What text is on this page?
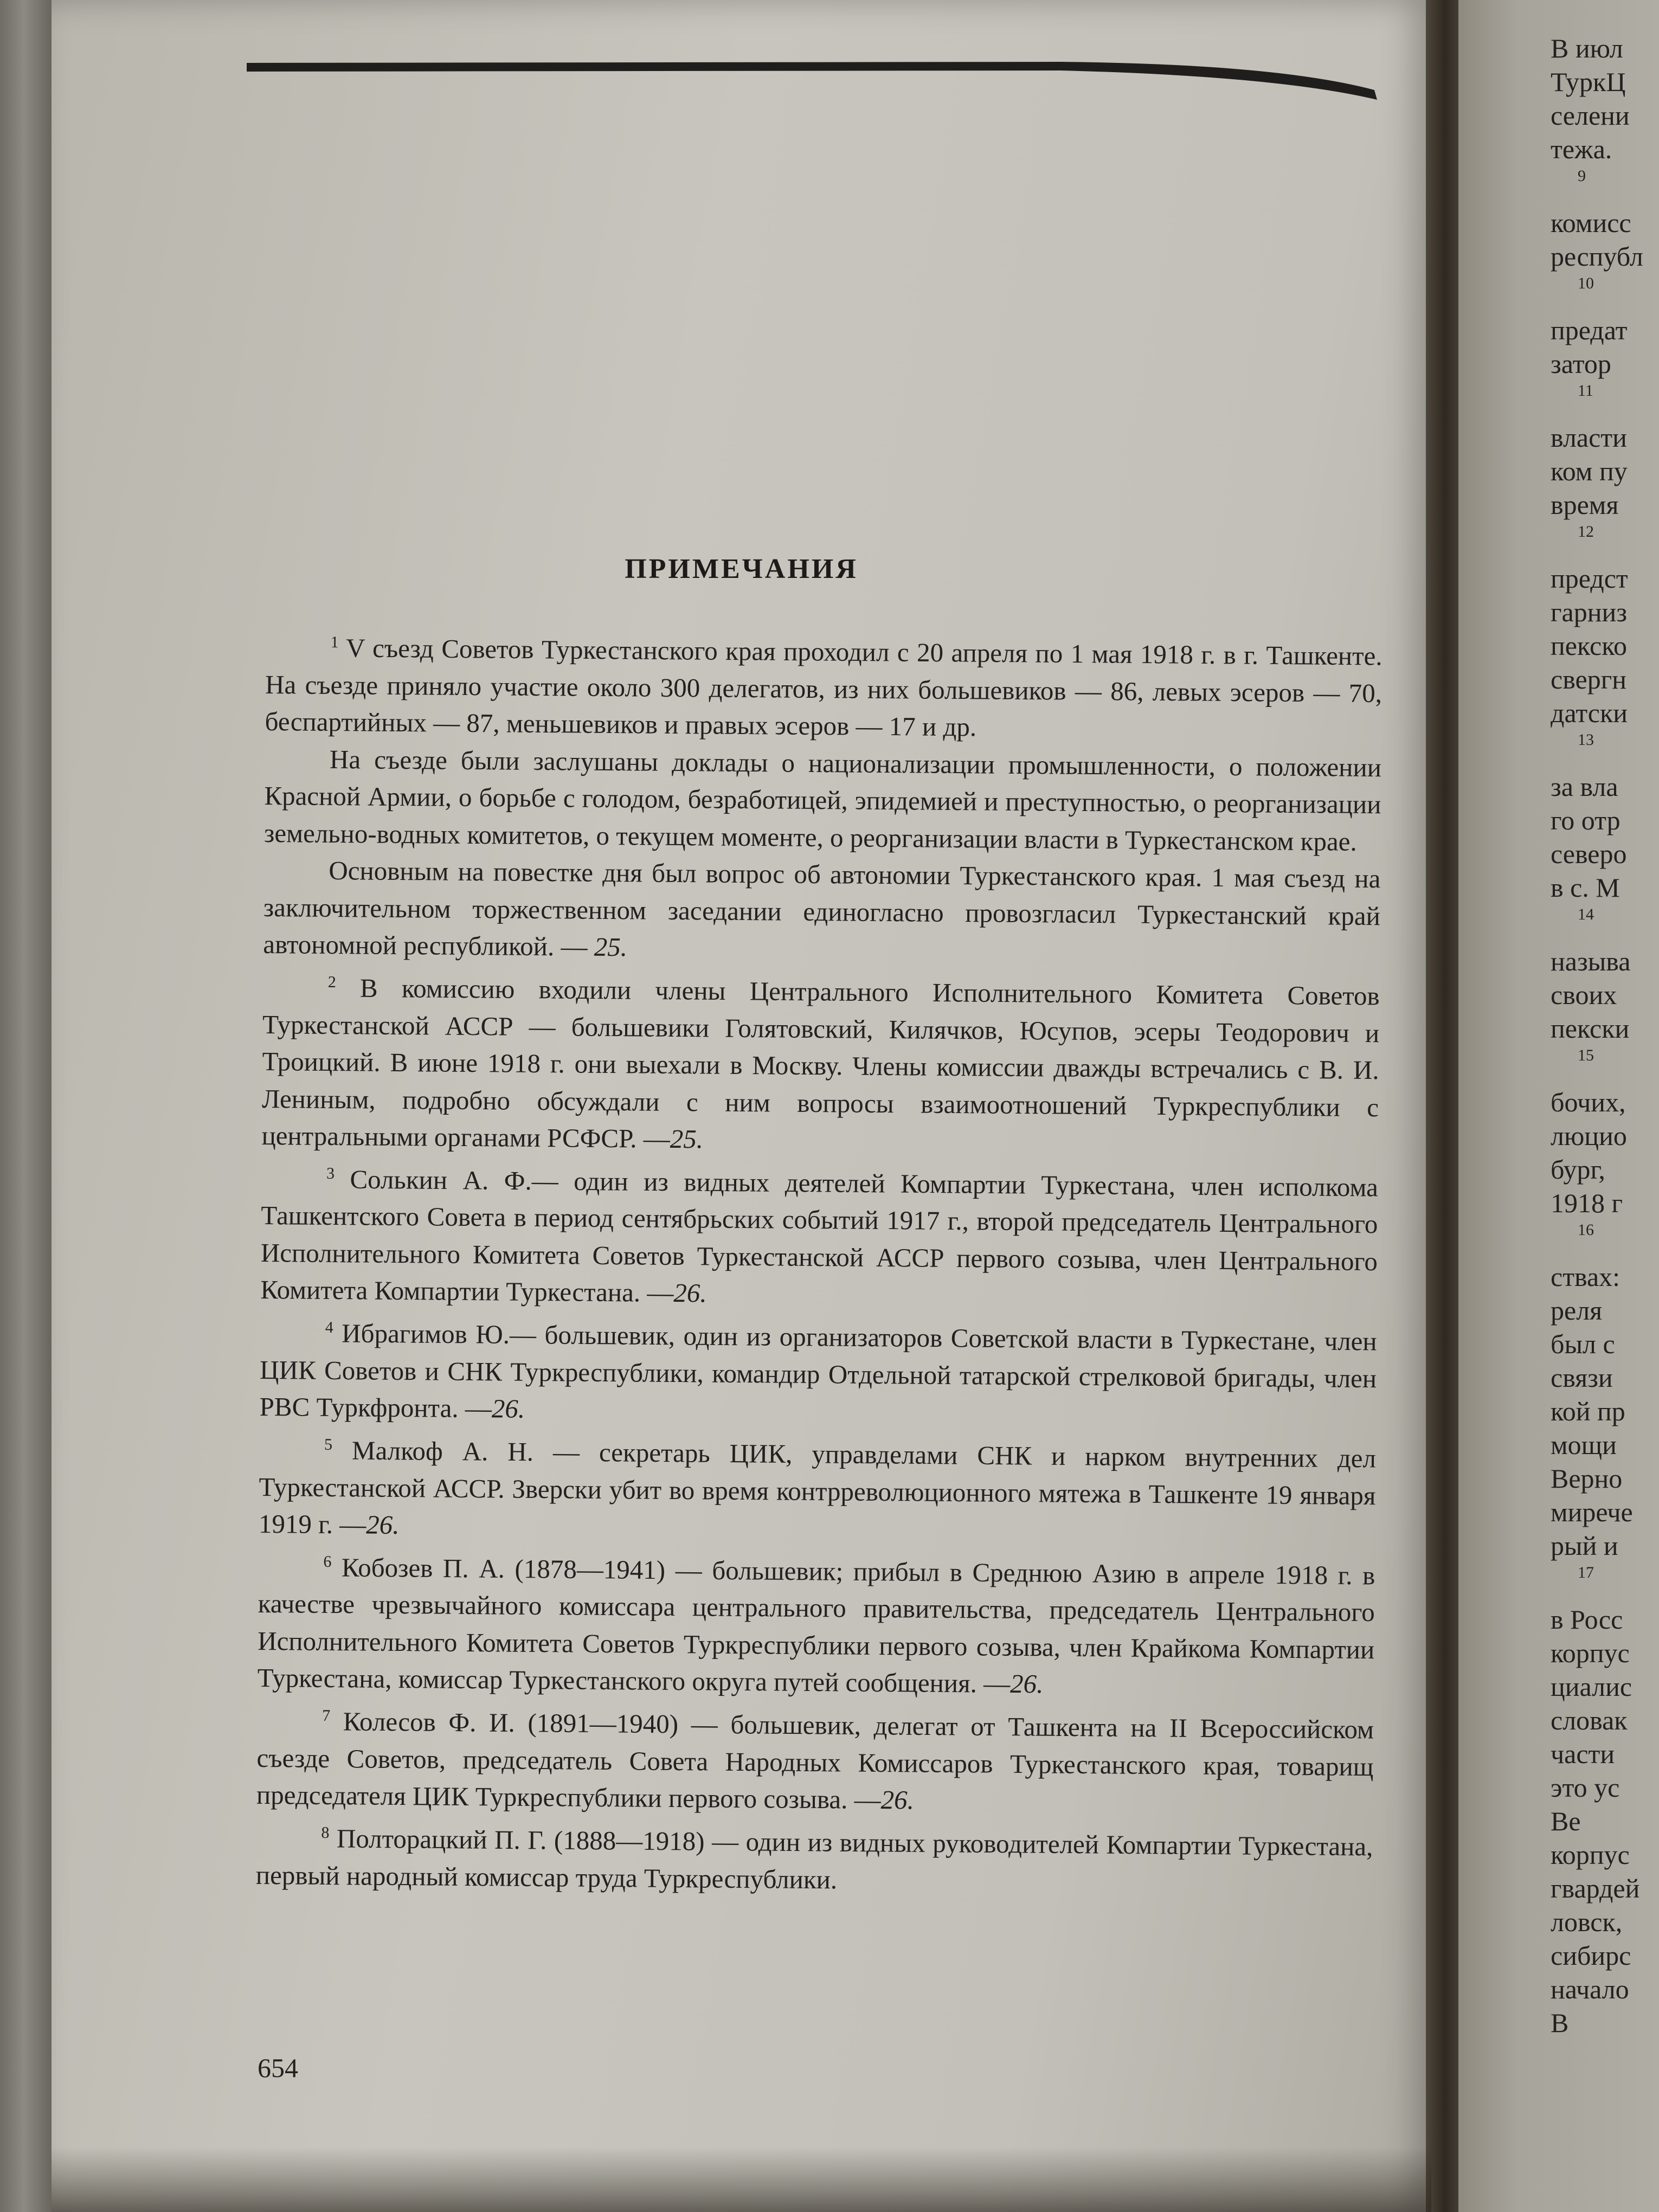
ПРИМЕЧАНИЯ

$^1$ V съезд Советов Туркестанского края проходил с 20 апреля по 1 мая 1918 г. в г. Ташкенте. На съезде приняло участие около 300 делегатов, из них большевиков — 86, левых эсеров — 70, беспартийных — 87, меньшевиков и правых эсеров — 17 и др.

На съезде были заслушаны доклады о национализации промышленности, о положении Красной Армии, о борьбе с голодом, безработицей, эпидемией и преступностью, о реорганизации земельно-водных комитетов, о текущем моменте, о реорганизации власти в Туркестанском крае.

Основным на повестке дня был вопрос об автономии Туркестанского края. 1 мая съезд на заключительном торжественном заседании единогласно провозгласил Туркестанский край автономной республикой. — 25.

$^2$ В комиссию входили члены Центрального Исполнительного Комитета Советов Туркестанской АССР — большевики Голятовский, Килячков, Юсупов, эсеры Теодорович и Троицкий. В июне 1918 г. они выехали в Москву. Члены комиссии дважды встречались с В. И. Лениным, подробно обсуждали с ним вопросы взаимоотношений Туркреспублики с центральными органами РСФСР. —25.

$^3$ Солькин А. Ф.— один из видных деятелей Компартии Туркестана, член исполкома Ташкентского Совета в период сентябрьских событий 1917 г., второй председатель Центрального Исполнительного Комитета Советов Туркестанской АССР первого созыва, член Центрального Комитета Компартии Туркестана. —26.

$^4$ Ибрагимов Ю.— большевик, один из организаторов Советской власти в Туркестане, член ЦИК Советов и СНК Туркреспублики, командир Отдельной татарской стрелковой бригады, член РВС Туркфронта. —26.

$^5$ Малкоф А. Н. — секретарь ЦИК, управделами СНК и нарком внутренних дел Туркестанской АССР. Зверски убит во время контрреволюционного мятежа в Ташкенте 19 января 1919 г. —26.

$^6$ Кобозев П. А. (1878—1941) — большевик; прибыл в Среднюю Азию в апреле 1918 г. в качестве чрезвычайного комиссара центрального правительства, председатель Центрального Исполнительного Комитета Советов Туркреспублики первого созыва, член Крайкома Компартии Туркестана, комиссар Туркестанского округа путей сообщения. —26.

$^7$ Колесов Ф. И. (1891—1940) — большевик, делегат от Ташкента на II Всероссийском съезде Советов, председатель Совета Народных Комиссаров Туркестанского края, товарищ председателя ЦИК Туркреспублики первого созыва. —26.

$^8$ Полторацкий П. Г. (1888—1918) — один из видных руководителей Компартии Туркестана, первый народный комиссар труда Туркреспублики.

654
В июл
ТуркЦ
селени
тежа.
9
комисс
республ
10
предат
затор
11
власти
ком пу
время
12
предст
гарниз
пекско
свергн
датски
13
за вла
го отр
северо
в с. М
14
называ
своих
пекски
15
бочих,
люцио
бург,
1918 г
16
ствах:
реля
был с
связи
кой пр
мощи
Верно
мирече
рый и
17
в Росс
корпус
циалис
словак
части
это ус
Ве
корпус
гвардей
ловск,
сибирс
начало
В
